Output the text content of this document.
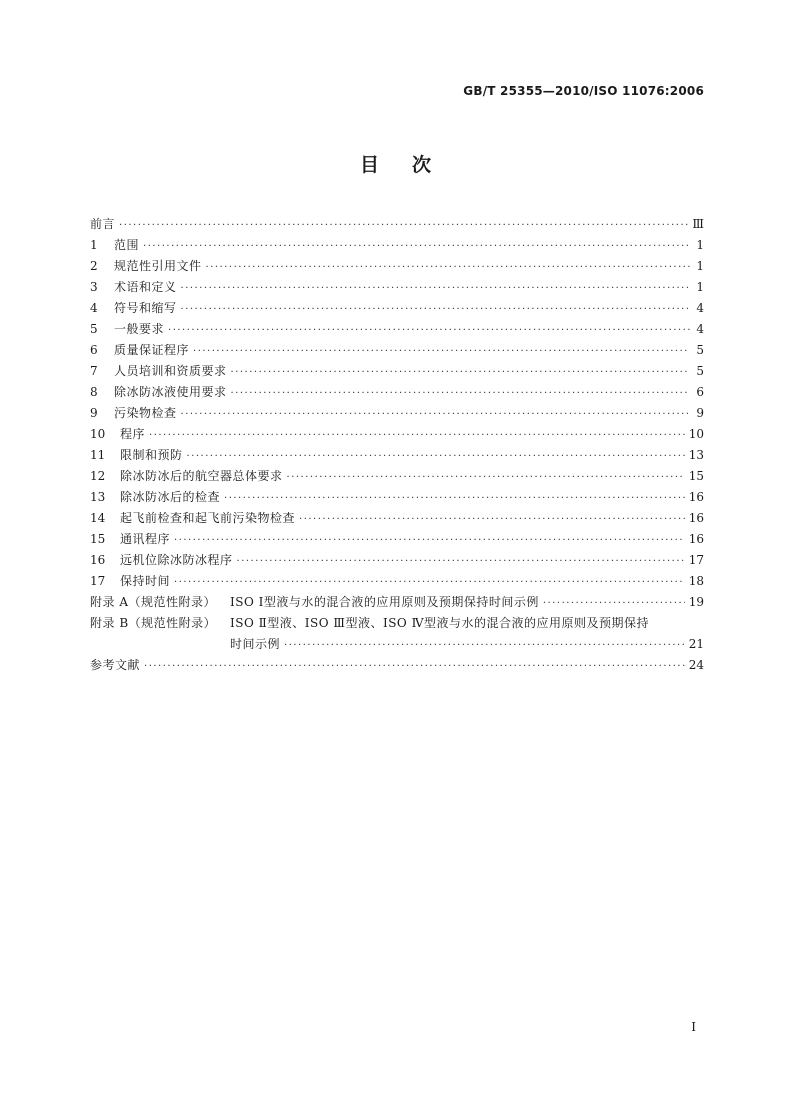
GB/T 25355—2010/ISO 11076:2006
目 次
前言 ·····	Ⅲ
1	范围 ·····	1
2	规范性引用文件 ·····	1
3	术语和定义 ·····	1
4	符号和缩写 ·····	4
5	一般要求 ·····	4
6	质量保证程序 ·····	5
7	人员培训和资质要求 ·····	5
8	除冰防冰液使用要求 ·····	6
9	污染物检查 ·····	9
10	程序 ·····	10
11	限制和预防 ·····	13
12	除冰防冰后的航空器总体要求 ·····	15
13	除冰防冰后的检查 ·····	16
14	起飞前检查和起飞前污染物检查 ·····	16
15	通讯程序 ·····	16
16	远机位除冰防冰程序 ·····	17
17	保持时间 ·····	18
附录 A（规范性附录）	ISO Ⅰ型液与水的混合液的应用原则及预期保持时间示例 ·····	19
附录 B（规范性附录）	ISO Ⅱ型液、ISO Ⅲ型液、ISO Ⅳ型液与水的混合液的应用原则及预期保持
时间示例 ·····	21
参考文献 ·····	24
I
